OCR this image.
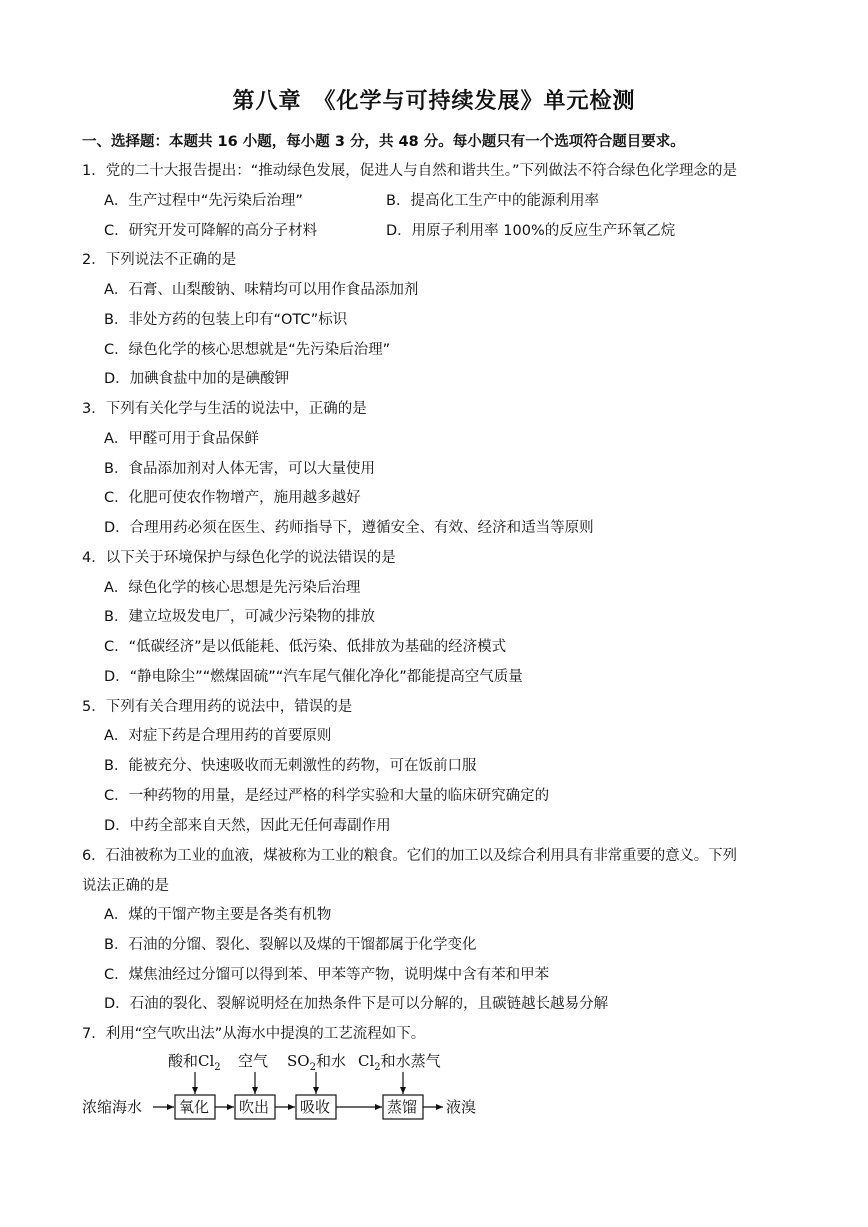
第八章　《化学与可持续发展》单元检测
一、选择题：本题共 16 小题，每小题 3 分，共 48 分。每小题只有一个选项符合题目要求。
1．党的二十大报告提出：“推动绿色发展，促进人与自然和谐共生。”下列做法不符合绿色化学理念的是
A．生产过程中“先污染后治理”	B．提高化工生产中的能源利用率
C．研究开发可降解的高分子材料	D．用原子利用率 100%的反应生产环氧乙烷
2．下列说法不正确的是
A．石膏、山梨酸钠、味精均可以用作食品添加剂
B．非处方药的包装上印有“OTC”标识
C．绿色化学的核心思想就是“先污染后治理”
D．加碘食盐中加的是碘酸钾
3．下列有关化学与生活的说法中，正确的是
A．甲醛可用于食品保鲜
B．食品添加剂对人体无害，可以大量使用
C．化肥可使农作物增产，施用越多越好
D．合理用药必须在医生、药师指导下，遵循安全、有效、经济和适当等原则
4．以下关于环境保护与绿色化学的说法错误的是
A．绿色化学的核心思想是先污染后治理
B．建立垃圾发电厂，可减少污染物的排放
C．“低碳经济”是以低能耗、低污染、低排放为基础的经济模式
D．“静电除尘”“燃煤固硫”“汽车尾气催化净化”都能提高空气质量
5．下列有关合理用药的说法中，错误的是
A．对症下药是合理用药的首要原则
B．能被充分、快速吸收而无刺激性的药物，可在饭前口服
C．一种药物的用量，是经过严格的科学实验和大量的临床研究确定的
D．中药全部来自天然，因此无任何毒副作用
6．石油被称为工业的血液，煤被称为工业的粮食。它们的加工以及综合利用具有非常重要的意义。下列
说法正确的是
A．煤的干馏产物主要是各类有机物
B．石油的分馏、裂化、裂解以及煤的干馏都属于化学变化
C．煤焦油经过分馏可以得到苯、甲苯等产物，说明煤中含有苯和甲苯
D．石油的裂化、裂解说明烃在加热条件下是可以分解的，且碳链越长越易分解
7．利用“空气吹出法”从海水中提溴的工艺流程如下。
酸和$Cl_2$ 空气 $SO_2$和水 $Cl_2$和水蒸气
浓缩海水 氧化 吹出 吸收	蒸馏 液溴
